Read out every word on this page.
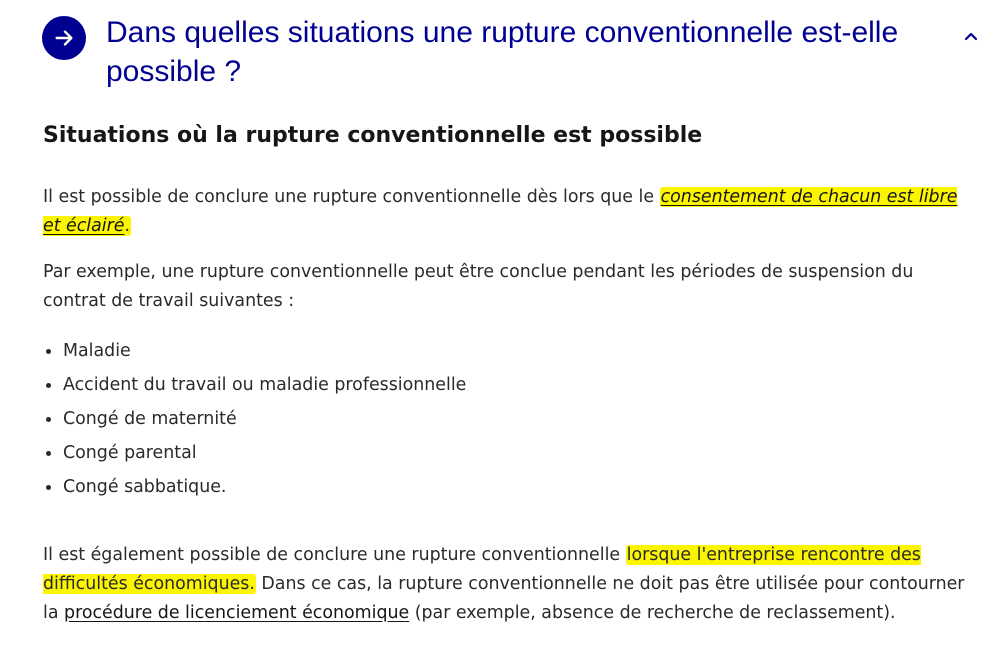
Dans quelles situations une rupture conventionnelle est-elle possible ?
Situations où la rupture conventionnelle est possible

Il est possible de conclure une rupture conventionnelle dès lors que le consentement de chacun est libre et éclairé.

Par exemple, une rupture conventionnelle peut être conclue pendant les périodes de suspension du contrat de travail suivantes :

Maladie
Accident du travail ou maladie professionnelle
Congé de maternité
Congé parental
Congé sabbatique.

Il est également possible de conclure une rupture conventionnelle lorsque l'entreprise rencontre des difficultés économiques. Dans ce cas, la rupture conventionnelle ne doit pas être utilisée pour contourner la procédure de licenciement économique (par exemple, absence de recherche de reclassement).
